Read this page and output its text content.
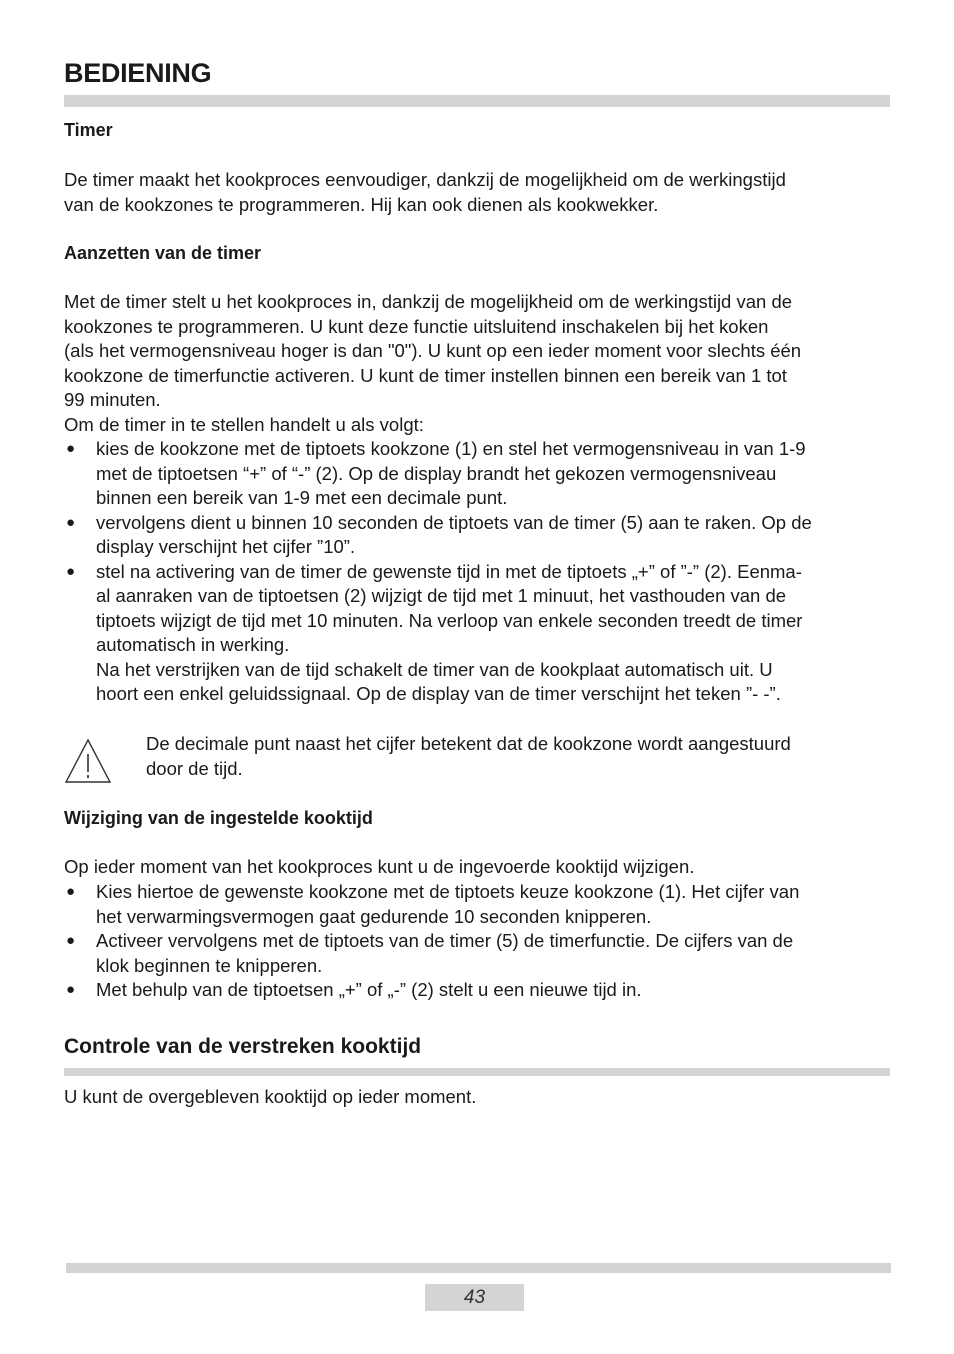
BEDIENING
Timer
De timer maakt het kookproces eenvoudiger, dankzij de mogelijkheid om de werkingstijd
van de kookzones te programmeren. Hij kan ook dienen als kookwekker.
Aanzetten van de timer
Met de timer stelt u het kookproces in, dankzij de mogelijkheid om de werkingstijd van de
kookzones te programmeren. U kunt deze functie uitsluitend inschakelen bij het koken
(als het vermogensniveau hoger is dan "0"). U kunt op een ieder moment voor slechts één
kookzone de timerfunctie activeren. U kunt de timer instellen binnen een bereik van 1 tot
99 minuten.
Om de timer in te stellen handelt u als volgt:
● kies de kookzone met de tiptoets kookzone (1) en stel het vermogensniveau in van 1-9
met de tiptoetsen “+” of “-” (2). Op de display brandt het gekozen vermogensniveau
binnen een bereik van 1-9 met een decimale punt.
● vervolgens dient u binnen 10 seconden de tiptoets van de timer (5) aan te raken. Op de
display verschijnt het cijfer ”10”.
● stel na activering van de timer de gewenste tijd in met de tiptoets „+” of ”-” (2). Eenma-
al aanraken van de tiptoetsen (2) wijzigt de tijd met 1 minuut, het vasthouden van de
tiptoets wijzigt de tijd met 10 minuten. Na verloop van enkele seconden treedt de timer
automatisch in werking.
Na het verstrijken van de tijd schakelt de timer van de kookplaat automatisch uit. U
hoort een enkel geluidssignaal. Op de display van de timer verschijnt het teken ”- -”.
De decimale punt naast het cijfer betekent dat de kookzone wordt aangestuurd
door de tijd.
Wijziging van de ingestelde kooktijd
Op ieder moment van het kookproces kunt u de ingevoerde kooktijd wijzigen.
● Kies hiertoe de gewenste kookzone met de tiptoets keuze kookzone (1). Het cijfer van
het verwarmingsvermogen gaat gedurende 10 seconden knipperen.
● Activeer vervolgens met de tiptoets van de timer (5) de timerfunctie. De cijfers van de
klok beginnen te knipperen.
● Met behulp van de tiptoetsen „+” of „-” (2) stelt u een nieuwe tijd in.
Controle van de verstreken kooktijd
U kunt de overgebleven kooktijd op ieder moment.
43
